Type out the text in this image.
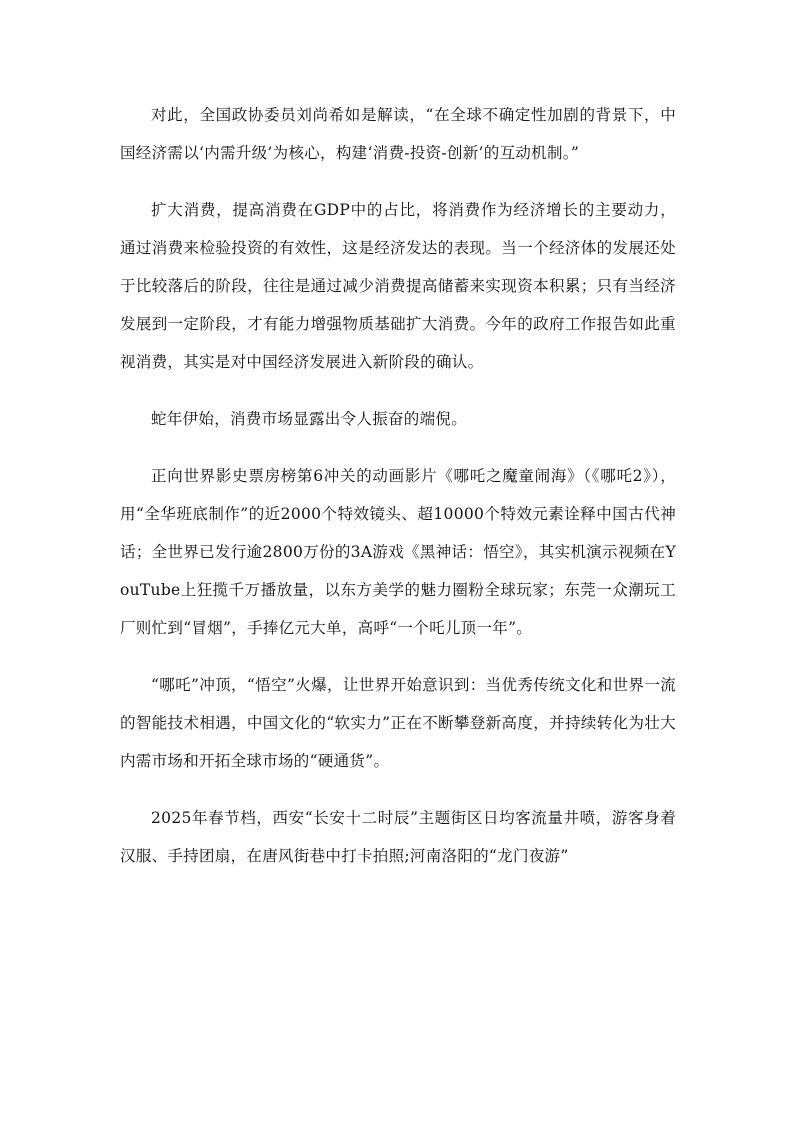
对此，全国政协委员刘尚希如是解读，“在全球不确定性加剧的背景下，中国经济需以‘内需升级’为核心，构建‘消费-投资-创新’的互动机制。”

扩大消费，提高消费在GDP中的占比，将消费作为经济增长的主要动力，通过消费来检验投资的有效性，这是经济发达的表现。当一个经济体的发展还处于比较落后的阶段，往往是通过减少消费提高储蓄来实现资本积累；只有当经济发展到一定阶段，才有能力增强物质基础扩大消费。今年的政府工作报告如此重视消费，其实是对中国经济发展进入新阶段的确认。

蛇年伊始，消费市场显露出令人振奋的端倪。

正向世界影史票房榜第6冲关的动画影片《哪吒之魔童闹海》（《哪吒2》），用“全华班底制作”的近2000个特效镜头、超10000个特效元素诠释中国古代神话；全世界已发行逾2800万份的3A游戏《黑神话：悟空》，其实机演示视频在YouTube上狂揽千万播放量，以东方美学的魅力圈粉全球玩家；东莞一众潮玩工厂则忙到“冒烟”，手捧亿元大单，高呼“一个吒儿顶一年”。

“哪吒”冲顶，“悟空”火爆，让世界开始意识到：当优秀传统文化和世界一流的智能技术相遇，中国文化的“软实力”正在不断攀登新高度，并持续转化为壮大内需市场和开拓全球市场的“硬通货”。

2025年春节档，西安“长安十二时辰”主题街区日均客流量井喷，游客身着汉服、手持团扇，在唐风街巷中打卡拍照;河南洛阳的“龙门夜游”
